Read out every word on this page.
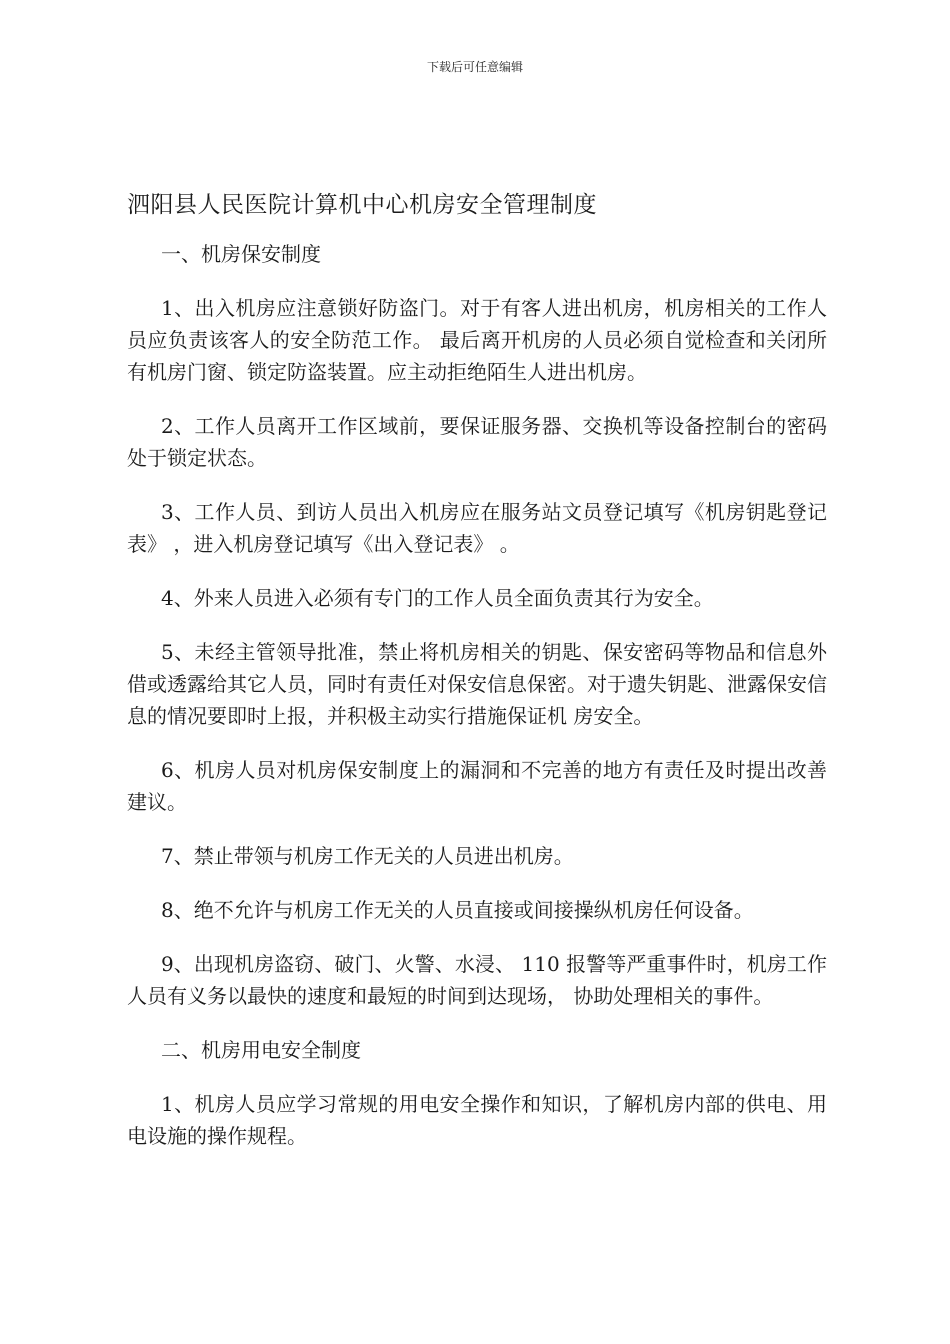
下载后可任意编辑
泗阳县人民医院计算机中心机房安全管理制度
一、机房保安制度

1、出入机房应注意锁好防盗门。对于有客人进出机房，机房相关的工作人员应负责该客人的安全防范工作。 最后离开机房的人员必须自觉检查和关闭所有机房门窗、锁定防盗装置。应主动拒绝陌生人进出机房。

2、工作人员离开工作区域前，要保证服务器、交换机等设备控制台的密码处于锁定状态。

3、工作人员、到访人员出入机房应在服务站文员登记填写《机房钥匙登记表》 ，进入机房登记填写《出入登记表》 。

4、外来人员进入必须有专门的工作人员全面负责其行为安全。

5、未经主管领导批准，禁止将机房相关的钥匙、保安密码等物品和信息外借或透露给其它人员，同时有责任对保安信息保密。对于遗失钥匙、泄露保安信息的情况要即时上报，并积极主动实行措施保证机 房安全。

6、机房人员对机房保安制度上的漏洞和不完善的地方有责任及时提出改善建议。

7、禁止带领与机房工作无关的人员进出机房。

8、绝不允许与机房工作无关的人员直接或间接操纵机房任何设备。

9、出现机房盗窃、破门、火警、水浸、 110 报警等严重事件时，机房工作人员有义务以最快的速度和最短的时间到达现场， 协助处理相关的事件。

二、机房用电安全制度

1、机房人员应学习常规的用电安全操作和知识，了解机房内部的供电、用电设施的操作规程。
